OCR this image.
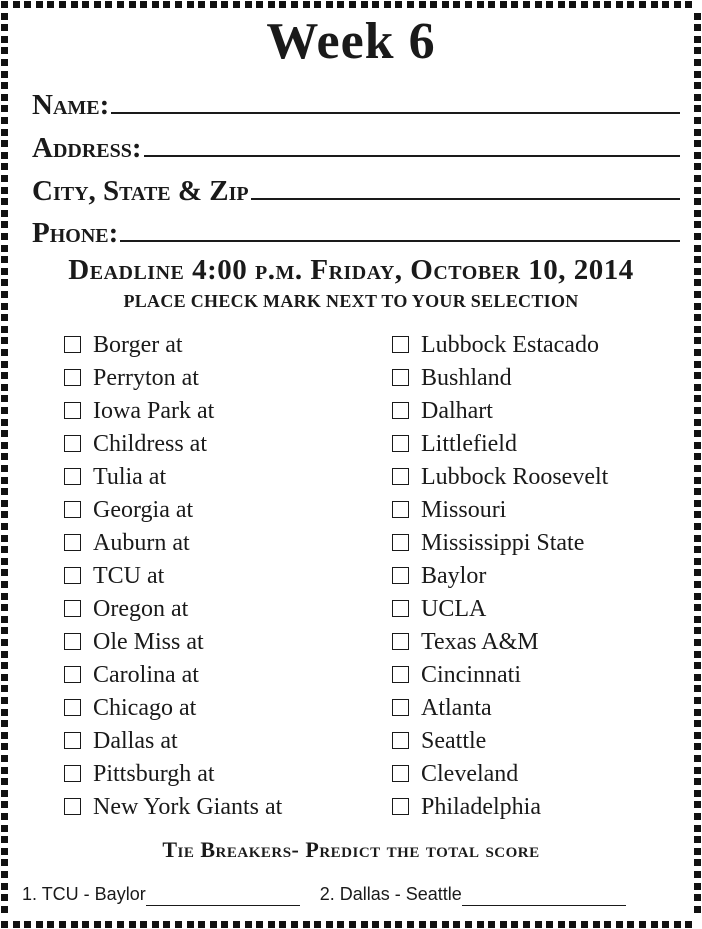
Week 6
Name:
Address:
City, State & Zip
Phone:
Deadline 4:00 p.m. Friday, October 10, 2014
PLACE CHECK MARK NEXT TO YOUR SELECTION
Borger at	Lubbock Estacado
Perryton at	Bushland
Iowa Park at	Dalhart
Childress at	Littlefield
Tulia at	Lubbock Roosevelt
Georgia at	Missouri
Auburn at	Mississippi State
TCU at	Baylor
Oregon at	UCLA
Ole Miss at	Texas A&M
Carolina at	Cincinnati
Chicago at	Atlanta
Dallas at	Seattle
Pittsburgh at	Cleveland
New York Giants at	Philadelphia
Tie Breakers- Predict the total score
1. TCU - Baylor
	2. Dallas - Seattle
